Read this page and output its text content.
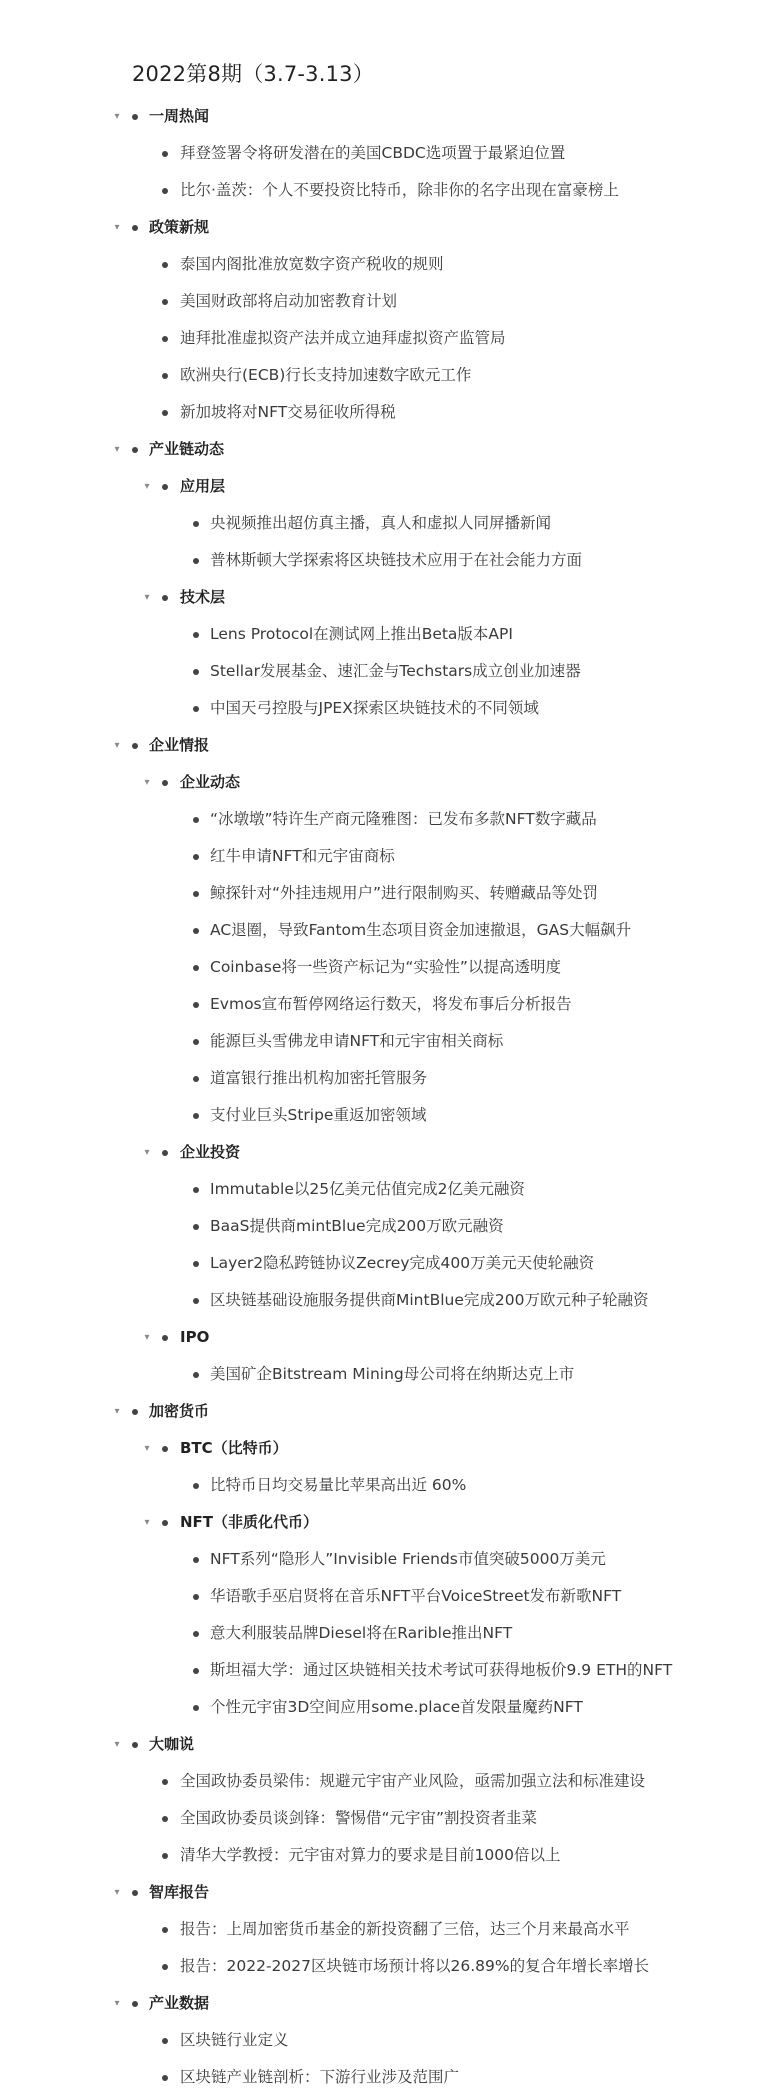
2022第8期（3.7-3.13）
▾ 一周热闻
拜登签署令将研发潜在的美国CBDC选项置于最紧迫位置
比尔·盖茨：个人不要投资比特币，除非你的名字出现在富豪榜上
▾ 政策新规
泰国内阁批准放宽数字资产税收的规则
美国财政部将启动加密教育计划
迪拜批准虚拟资产法并成立迪拜虚拟资产监管局
欧洲央行(ECB)行长支持加速数字欧元工作
新加坡将对NFT交易征收所得税
▾ 产业链动态
▾ 应用层
央视频推出超仿真主播，真人和虚拟人同屏播新闻
普林斯顿大学探索将区块链技术应用于在社会能力方面
▾ 技术层
Lens Protocol在测试网上推出Beta版本API
Stellar发展基金、速汇金与Techstars成立创业加速器
中国天弓控股与JPEX探索区块链技术的不同领域
▾ 企业情报
▾ 企业动态
“冰墩墩”特许生产商元隆雅图：已发布多款NFT数字藏品
红牛申请NFT和元宇宙商标
鲸探针对“外挂违规用户”进行限制购买、转赠藏品等处罚
AC退圈，导致Fantom生态项目资金加速撤退，GAS大幅飙升
Coinbase将一些资产标记为“实验性”以提高透明度
Evmos宣布暂停网络运行数天，将发布事后分析报告
能源巨头雪佛龙申请NFT和元宇宙相关商标
道富银行推出机构加密托管服务
支付业巨头Stripe重返加密领域
▾ 企业投资
Immutable以25亿美元估值完成2亿美元融资
BaaS提供商mintBlue完成200万欧元融资
Layer2隐私跨链协议Zecrey完成400万美元天使轮融资
区块链基础设施服务提供商MintBlue完成200万欧元种子轮融资
▾ IPO
美国矿企Bitstream Mining母公司将在纳斯达克上市
▾ 加密货币
▾ BTC（比特币）
比特币日均交易量比苹果高出近 60%
▾ NFT（非质化代币）
NFT系列“隐形人”Invisible Friends市值突破5000万美元
华语歌手巫启贤将在音乐NFT平台VoiceStreet发布新歌NFT
意大利服装品牌Diesel将在Rarible推出NFT
斯坦福大学：通过区块链相关技术考试可获得地板价9.9 ETH的NFT
个性元宇宙3D空间应用some.place首发限量魔药NFT
▾ 大咖说
全国政协委员梁伟：规避元宇宙产业风险，亟需加强立法和标准建设
全国政协委员谈剑锋：警惕借“元宇宙”割投资者韭菜
清华大学教授：元宇宙对算力的要求是目前1000倍以上
▾ 智库报告
报告：上周加密货币基金的新投资翻了三倍，达三个月来最高水平
报告：2022-2027区块链市场预计将以26.89%的复合年增长率增长
▾ 产业数据
区块链行业定义
区块链产业链剖析：下游行业涉及范围广
